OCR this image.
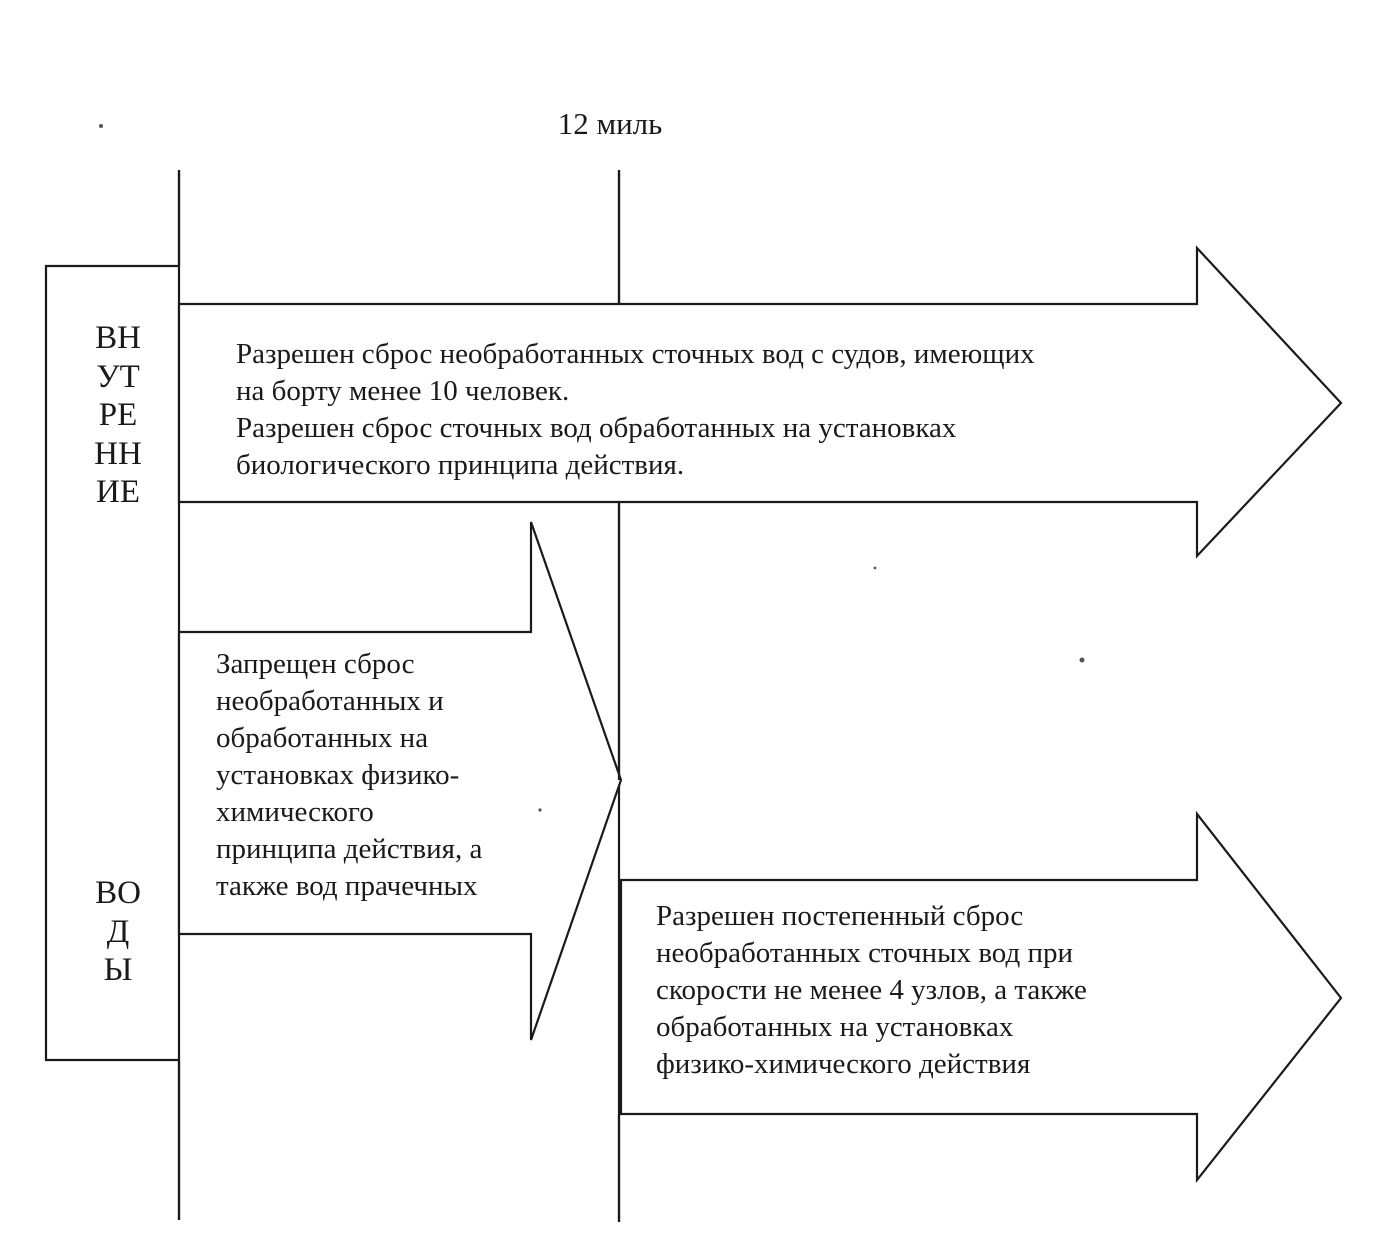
12 миль
ВНУТРЕННИЕ
ВОДЫ
Разрешен сброс необработанных сточных вод с судов, имеющих
на борту менее 10 человек.
Разрешен сброс сточных вод обработанных на установках
биологического принципа действия.
Запрещен сброс
необработанных и
обработанных на
установках физико-
химического
принципа действия, а
также вод прачечных
Разрешен постепенный сброс
необработанных сточных вод при
скорости не менее 4 узлов, а также
обработанных на установках
физико-химического действия
